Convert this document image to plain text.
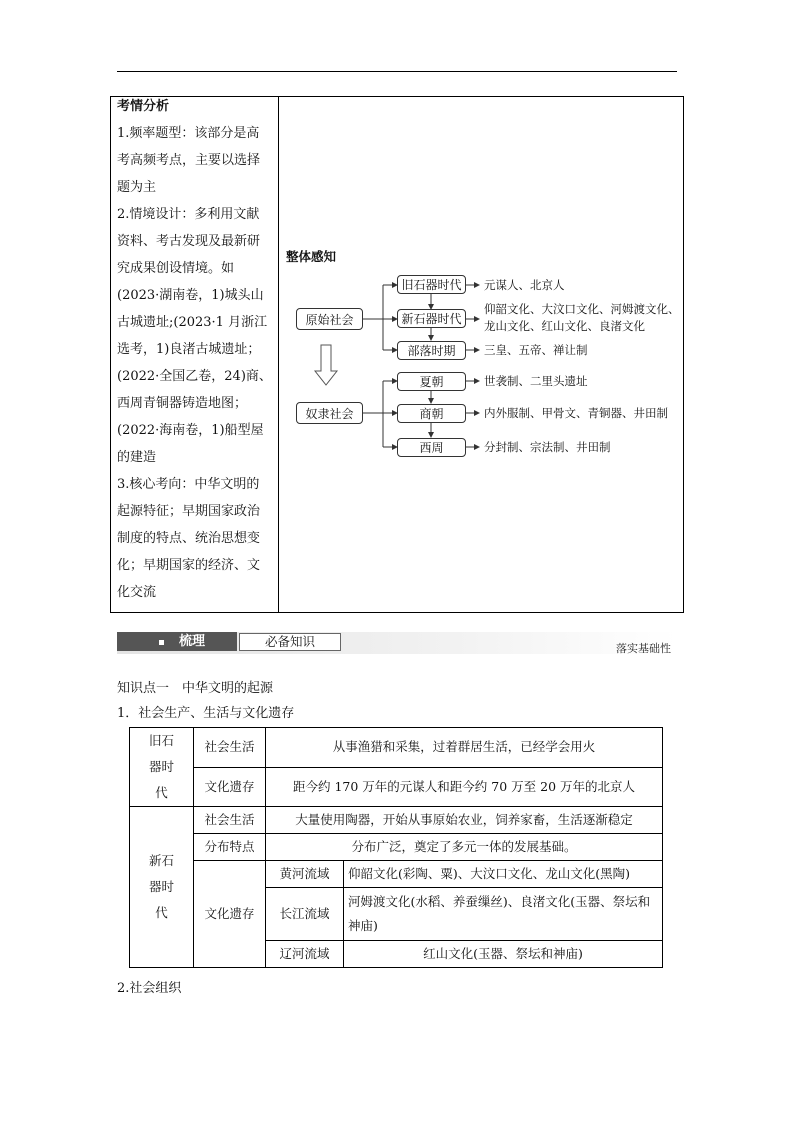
考情分析
1.频率题型：该部分是高
考高频考点，主要以选择
题为主
2.情境设计：多利用文献
资料、考古发现及最新研
究成果创设情境。如
(2023·湖南卷，1)城头山
古城遗址;(2023·1 月浙江
选考，1)良渚古城遗址；
(2022·全国乙卷，24)商、
西周青铜器铸造地图；
(2022·海南卷，1)船型屋
的建造
3.核心考向：中华文明的
起源特征；早期国家政治
制度的特点、统治思想变
化；早期国家的经济、文
化交流
整体感知
原始社会
奴隶社会
旧石器时代
新石器时代
部落时期
夏朝
商朝
西周
元谋人、北京人
仰韶文化、大汶口文化、河姆渡文化、
龙山文化、红山文化、良渚文化
三皇、五帝、禅让制
世袭制、二里头遗址
内外服制、甲骨文、青铜器、井田制
分封制、宗法制、井田制
梳理	必备知识	落实基础性
知识点一　中华文明的起源
1．社会生产、生活与文化遗存
旧石器时代	社会生活	从事渔猎和采集，过着群居生活，已经学会用火	
	文化遗存	距今约 170 万年的元谋人和距今约 70 万至 20 万年的北京人	
新石器时代	社会生活	大量使用陶器，开始从事原始农业，饲养家畜，生活逐渐稳定	
	分布特点	分布广泛，奠定了多元一体的发展基础。	
	文化遗存	黄河流域	仰韶文化(彩陶、粟)、大汶口文化、龙山文化(黑陶)
		长江流域	河姆渡文化(水稻、养蚕缫丝)、良渚文化(玉器、祭坛和神庙)
		辽河流域	红山文化(玉器、祭坛和神庙)
2.社会组织
